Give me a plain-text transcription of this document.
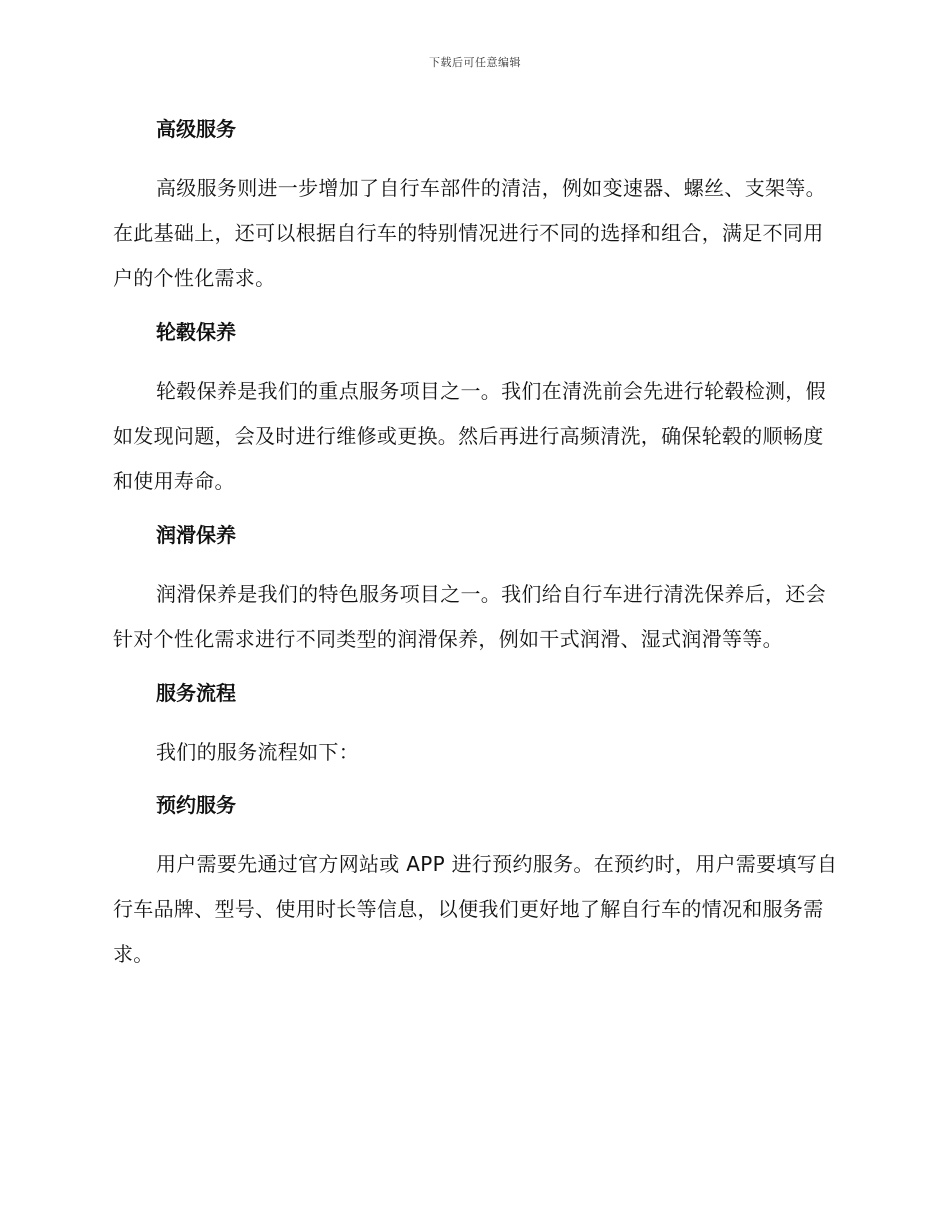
下载后可任意编辑
高级服务

高级服务则进一步增加了自行车部件的清洁，例如变速器、螺丝、支架等。在此基础上，还可以根据自行车的特别情况进行不同的选择和组合，满足不同用户的个性化需求。

轮毂保养

轮毂保养是我们的重点服务项目之一。我们在清洗前会先进行轮毂检测，假如发现问题，会及时进行维修或更换。然后再进行高频清洗，确保轮毂的顺畅度和使用寿命。

润滑保养

润滑保养是我们的特色服务项目之一。我们给自行车进行清洗保养后，还会针对个性化需求进行不同类型的润滑保养，例如干式润滑、湿式润滑等等。

服务流程

我们的服务流程如下：

预约服务

用户需要先通过官方网站或 APP 进行预约服务。在预约时，用户需要填写自行车品牌、型号、使用时长等信息，以便我们更好地了解自行车的情况和服务需求。
